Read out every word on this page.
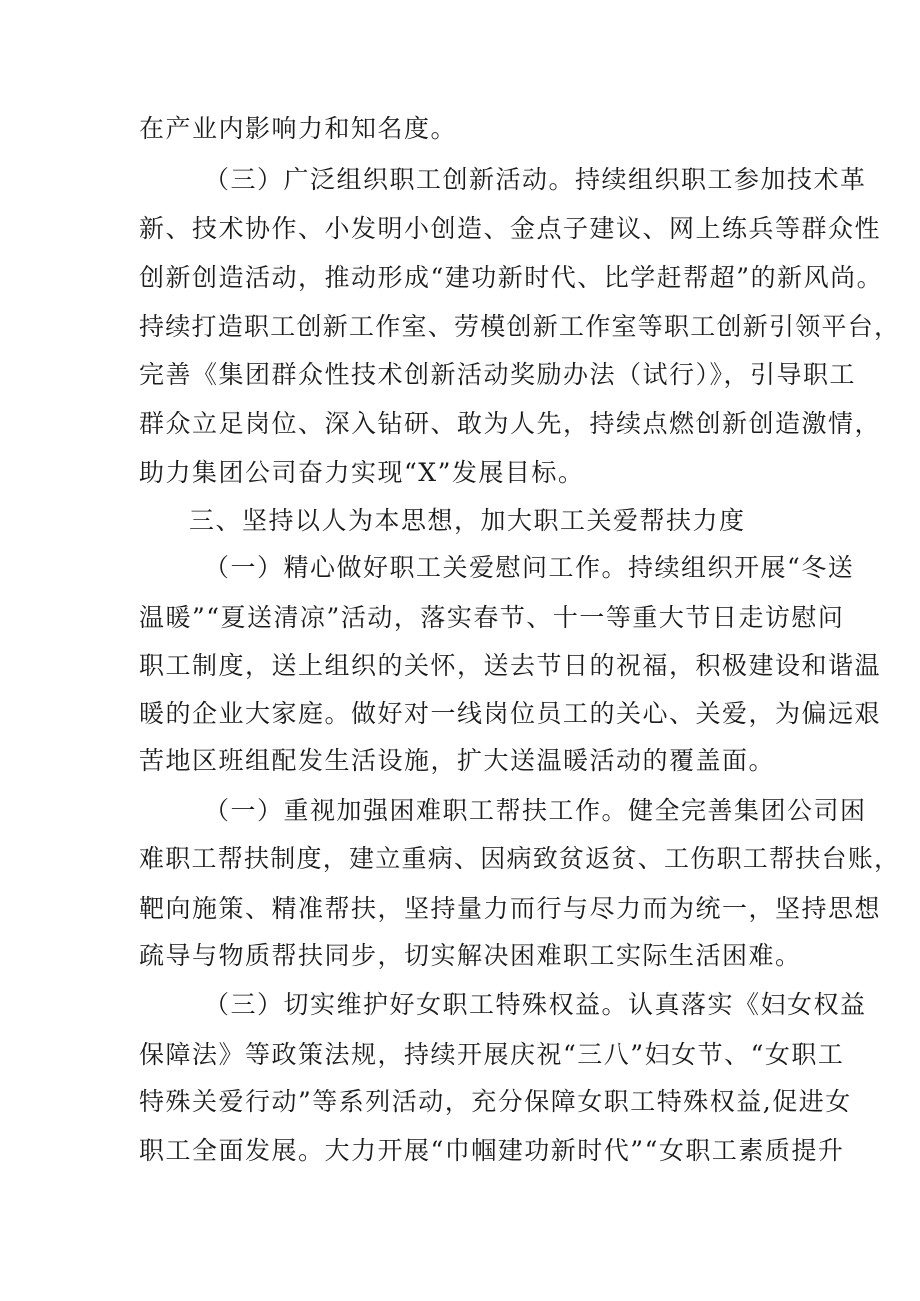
在产业内影响力和知名度。

（三）广泛组织职工创新活动。持续组织职工参加技术革

新、技术协作、小发明小创造、金点子建议、网上练兵等群众性

创新创造活动，推动形成“建功新时代、比学赶帮超”的新风尚。

持续打造职工创新工作室、劳模创新工作室等职工创新引领平台，

完善《集团群众性技术创新活动奖励办法（试行）》，引导职工

群众立足岗位、深入钻研、敢为人先，持续点燃创新创造激情，

助力集团公司奋力实现“X”发展目标。

三、坚持以人为本思想，加大职工关爱帮扶力度

（一）精心做好职工关爱慰问工作。持续组织开展“冬送

温暖”“夏送清凉”活动，落实春节、十一等重大节日走访慰问

职工制度，送上组织的关怀，送去节日的祝福，积极建设和谐温

暖的企业大家庭。做好对一线岗位员工的关心、关爱，为偏远艰

苦地区班组配发生活设施，扩大送温暖活动的覆盖面。

（一）重视加强困难职工帮扶工作。健全完善集团公司困

难职工帮扶制度，建立重病、因病致贫返贫、工伤职工帮扶台账，

靶向施策、精准帮扶，坚持量力而行与尽力而为统一，坚持思想

疏导与物质帮扶同步，切实解决困难职工实际生活困难。

（三）切实维护好女职工特殊权益。认真落实《妇女权益

保障法》等政策法规，持续开展庆祝“三八”妇女节、“女职工

特殊关爱行动”等系列活动，充分保障女职工特殊权益,促进女

职工全面发展。大力开展“巾帼建功新时代”“女职工素质提升
